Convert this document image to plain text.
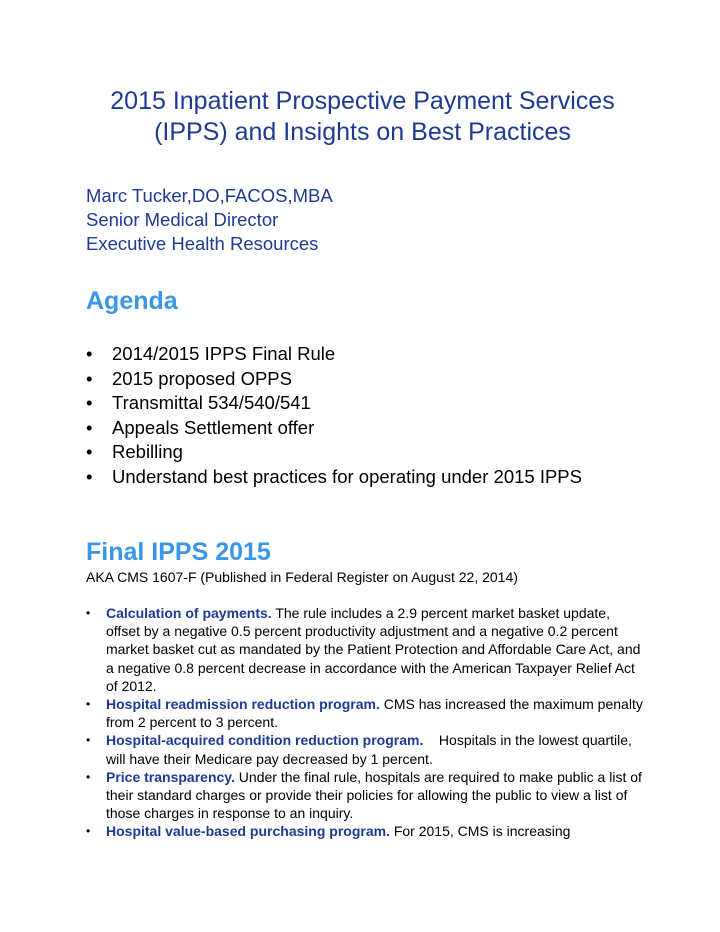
2015 Inpatient Prospective Payment Services (IPPS) and Insights on Best Practices
Marc Tucker,DO,FACOS,MBA
Senior Medical Director
Executive Health Resources
Agenda
• 2014/2015 IPPS Final Rule
• 2015 proposed OPPS
• Transmittal 534/540/541
• Appeals Settlement offer
• Rebilling
• Understand best practices for operating under 2015 IPPS
Final IPPS 2015
AKA CMS 1607-F (Published in Federal Register on August 22, 2014)
• Calculation of payments. The rule includes a 2.9 percent market basket update, offset by a negative 0.5 percent productivity adjustment and a negative 0.2 percent market basket cut as mandated by the Patient Protection and Affordable Care Act, and a negative 0.8 percent decrease in accordance with the American Taxpayer Relief Act of 2012.
• Hospital readmission reduction program. CMS has increased the maximum penalty from 2 percent to 3 percent.
• Hospital-acquired condition reduction program.    Hospitals in the lowest quartile, will have their Medicare pay decreased by 1 percent.
• Price transparency. Under the final rule, hospitals are required to make public a list of their standard charges or provide their policies for allowing the public to view a list of those charges in response to an inquiry.
• Hospital value-based purchasing program. For 2015, CMS is increasing
